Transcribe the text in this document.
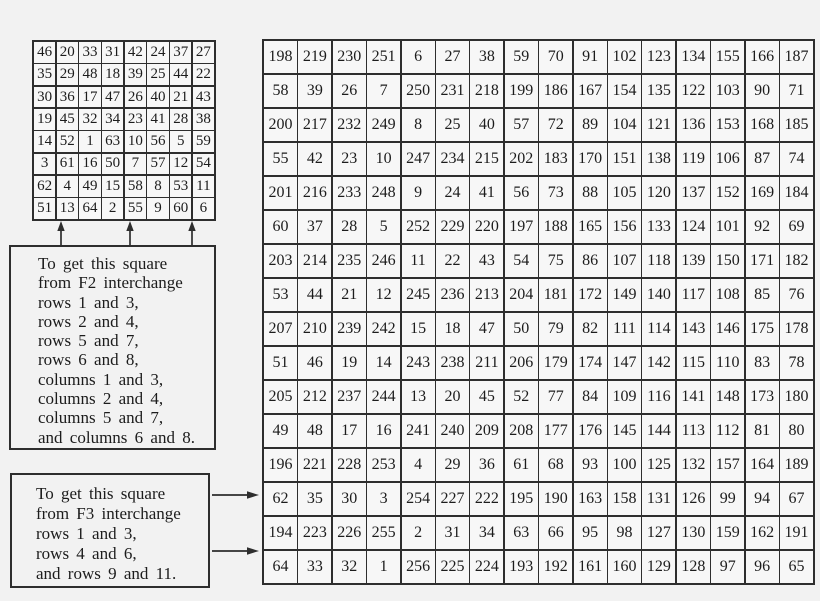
46 20 33 31 42 24 37 27
35 29 48 18 39 25 44 22
30 36 17 47 26 40 21 43
19 45 32 34 23 41 28 38
14 52 1 63 10 56 5 59
3 61 16 50 7 57 12 54
62 4 49 15 58 8 53 11
51 13 64 2 55 9 60 6
198 219 230 251	6	27	38	59	70	91 102 123 134 155 166 187
58	39	26	7	250 231 218 199 186 167 154 135 122 103 90	71
200 217 232 249	8	25	40	57	72	89 104 121 136 153 168 185
55	42	23	10 247 234 215 202 183 170 151 138 119 106 87	74
201 216 233 248	9	24	41	56	73	88 105 120 137 152 169 184
60	37	28	5	252 229 220 197 188 165 156 133 124 101 92	69
203 214 235 246 11	22	43	54	75	86 107 118 139 150 171 182
53	44	21	12 245 236 213 204 181 172 149 140 117 108 85	76
207 210 239 242 15	18	47	50	79	82 111 114 143 146 175 178
51	46	19	14 243 238 211 206 179 174 147 142 115 110 83	78
205 212 237 244 13	20	45	52	77	84 109 116 141 148 173 180
49	48	17	16 241 240 209 208 177 176 145 144 113 112 81	80
196 221 228 253	4	29	36	61	68	93 100 125 132 157 164 189
62	35	30	3	254 227 222 195 190 163 158 131 126 99	94	67
194 223 226 255	2	31	34	63	66	95	98 127 130 159 162 191
64	33	32	1	256 225 224 193 192 161 160 129 128 97	96	65
To get this square
from F2 interchange
rows 1 and 3,
rows 2 and 4,
rows 5 and 7,
rows 6 and 8,
columns 1 and 3,
columns 2 and 4,
columns 5 and 7,
and columns 6 and 8.
To get this square
from F3 interchange
rows 1 and 3,
rows 4 and 6,
and rows 9 and 11.
